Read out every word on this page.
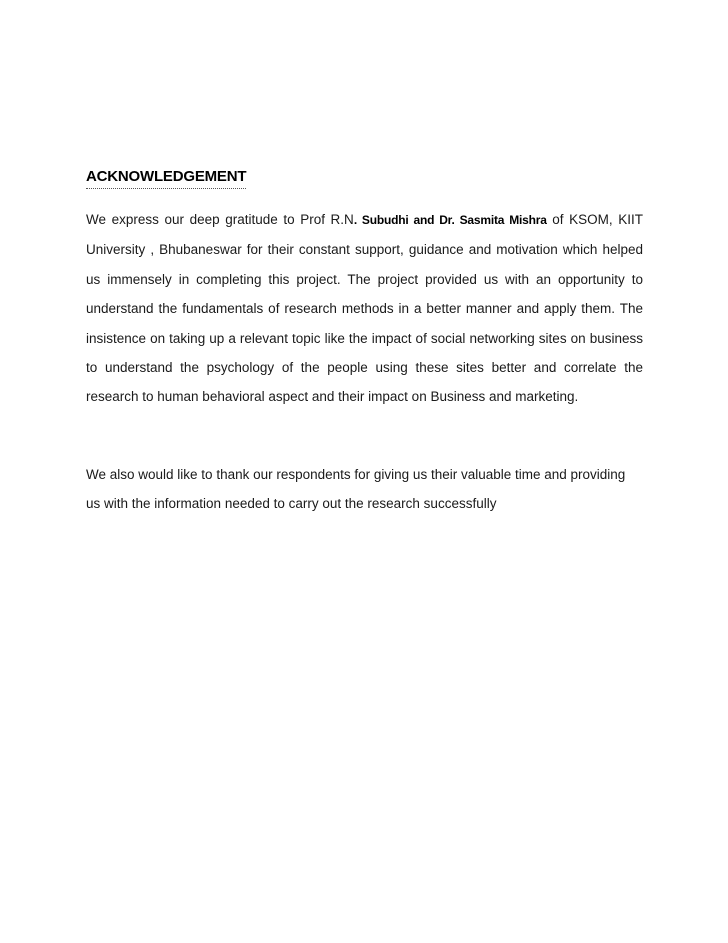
ACKNOWLEDGEMENT

We express our deep gratitude to Prof R.N. Subudhi and Dr. Sasmita Mishra of KSOM, KIIT University , Bhubaneswar for their constant support, guidance and motivation which helped us immensely in completing this project. The project provided us with an opportunity to understand the fundamentals of research methods in a better manner and apply them. The insistence on taking up a relevant topic like the impact of social networking sites on business to understand the psychology of the people using these sites better and correlate the research to human behavioral aspect and their impact on Business and marketing.

We also would like to thank our respondents for giving us their valuable time and providing us with the information needed to carry out the research successfully
